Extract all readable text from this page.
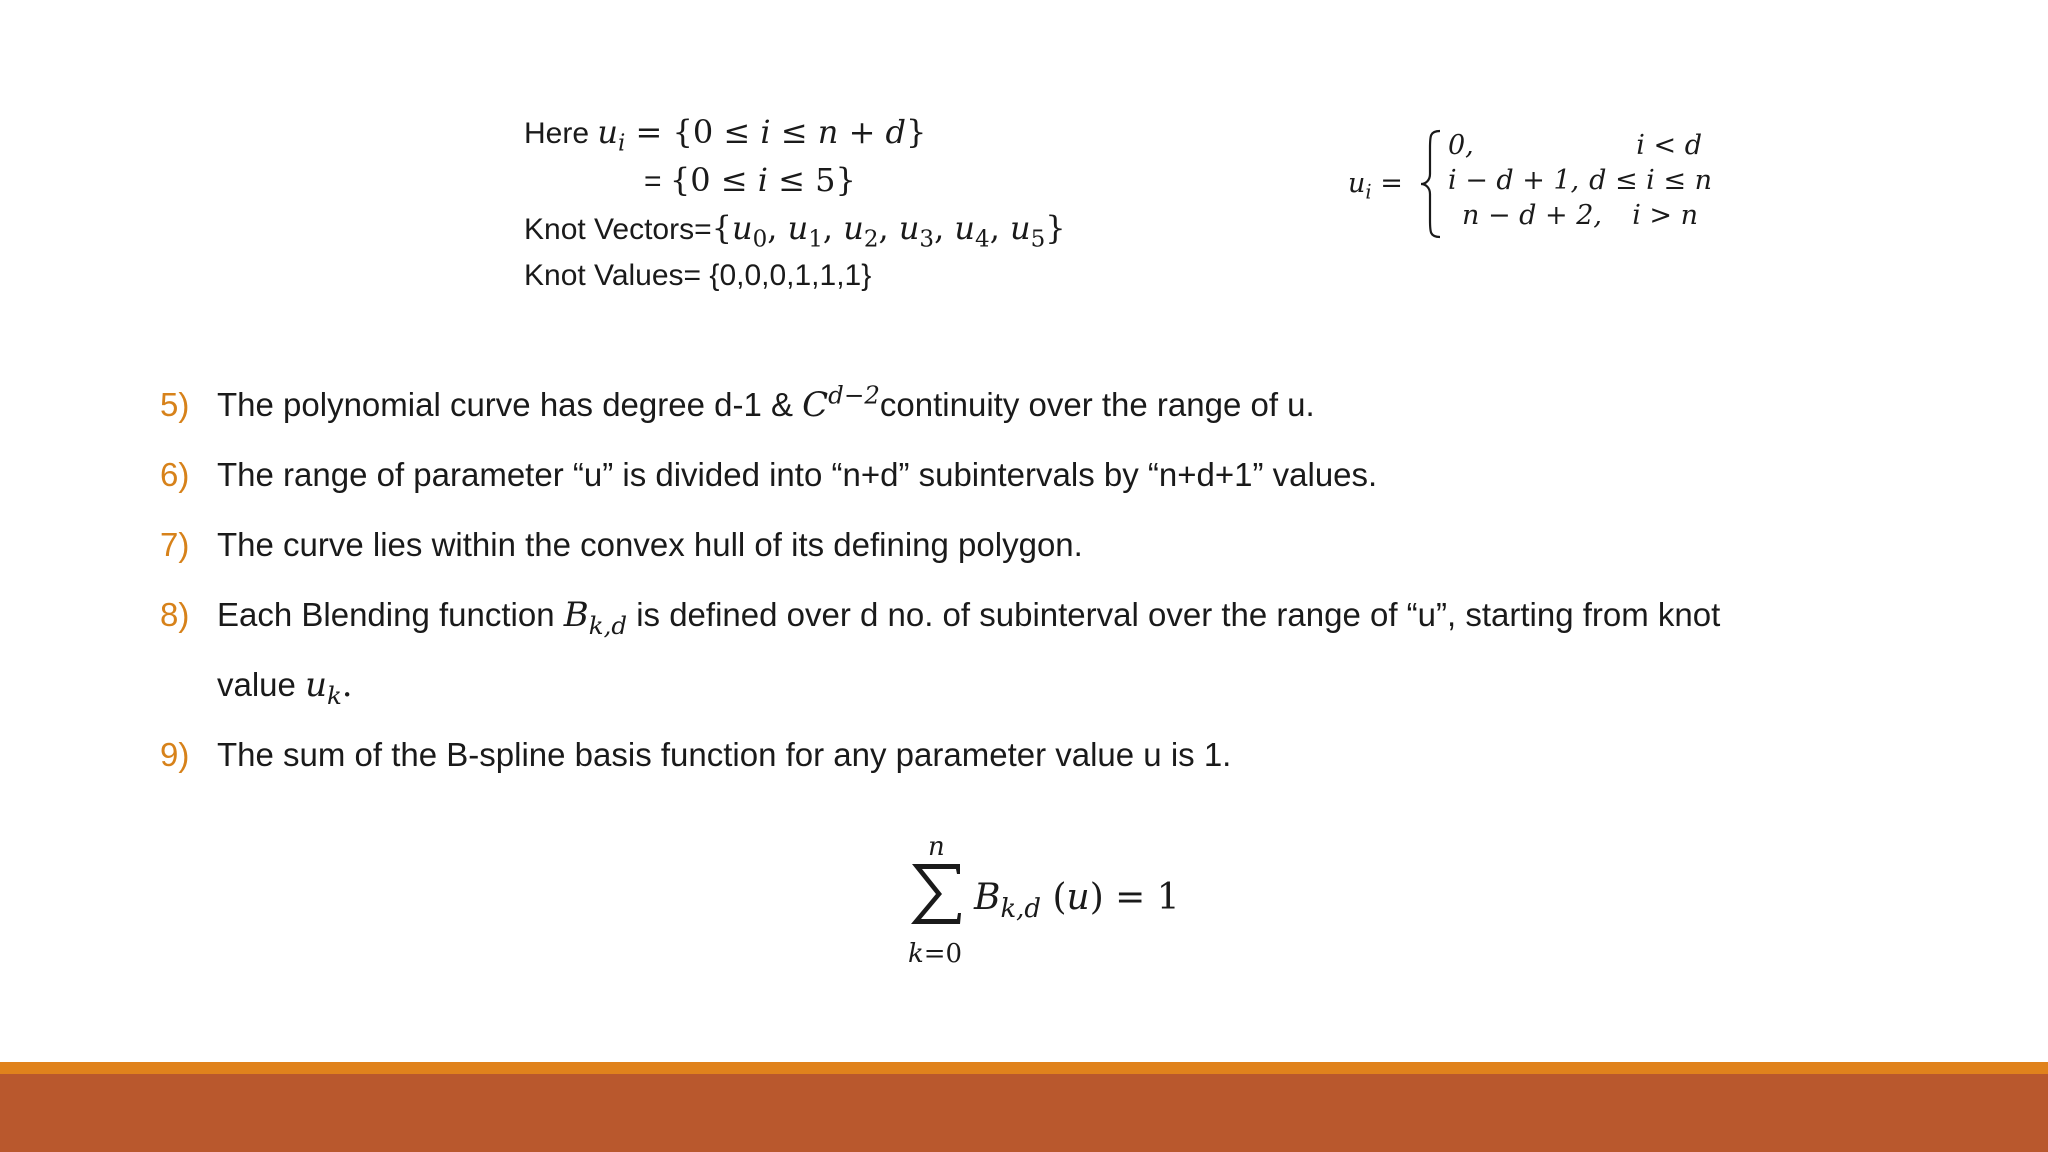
Here $u_i = \{0 \le i \le n + d\}$
= {0 ≤ i ≤ 5}
Knot $Vectors=\{u_0$, $u_1$, $u_2$, $u_3$, $u_4$, $u_5$}
Knot Values= {0,0,0,1,1,1}
$u_i$ =
0,	i < d
i − d + 1, d ≤ i ≤ n
n − d + 2, i > n
5) The polynomial curve has degree d-1 & $C^{d-2}continuity$ over the range of u.
6) The range of parameter “u” is divided into “n+d” subintervals by “n+d+1” values.
7) The curve lies within the convex hull of its defining polygon.
8) Each Blending function $B_{k,d}$ is defined over d no. of subinterval over the range of “u”, starting from knot
value $u_k$.
9) The sum of the B-spline basis function for any parameter value u is 1.
n
k=0
$B_{k,d}$ (u) = 1
